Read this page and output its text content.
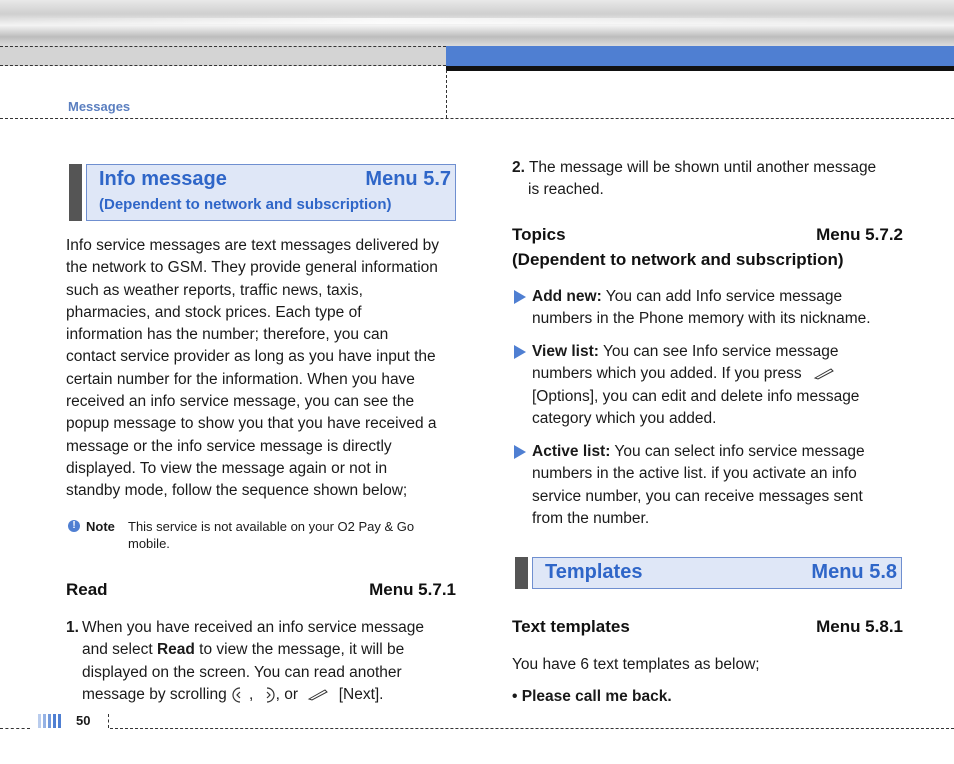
Messages
Info message	Menu 5.7
(Dependent to network and subscription)
Info service messages are text messages delivered by
the network to GSM. They provide general information
such as weather reports, traffic news, taxis,
pharmacies, and stock prices. Each type of
information has the number; therefore, you can
contact service provider as long as you have input the
certain number for the information. When you have
received an info service message, you can see the
popup message to show you that you have received a
message or the info service message is directly
displayed. To view the message again or not in
standby mode, follow the sequence shown below;
! Note This service is not available on your O2 Pay & Go
mobile.
Read	Menu 5.7.1
1. When you have received an info service message
and select Read to view the message, it will be
displayed on the screen. You can read another
message by scrolling , , or	[Next].
2. The message will be shown until another message
is reached.
Topics	Menu 5.7.2
(Dependent to network and subscription)
Add new: You can add Info service message
numbers in the Phone memory with its nickname.
View list: You can see Info service message
numbers which you added. If you press
[Options], you can edit and delete info message
category which you added.
Active list: You can select info service message
numbers in the active list. if you activate an info
service number, you can receive messages sent
from the number.
Templates	Menu 5.8
Text templates	Menu 5.8.1
You have 6 text templates as below;
• Please call me back.
50
